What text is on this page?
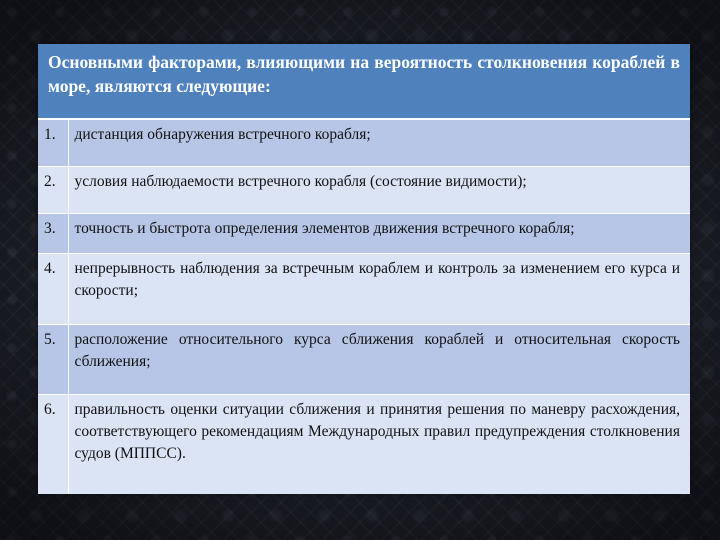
Основными факторами, влияющими на вероятность столкновения кораблей в море, являются следующие:	
1.	дистанция обнаружения встречного корабля;
2.	условия наблюдаемости встречного корабля (состояние видимости);
3.	точность и быстрота определения элементов движения встречного корабля;
4.	непрерывность наблюдения за встречным кораблем и контроль за изменением его курса и скорости;
5.	расположение относительного курса сближения кораблей и относительная скорость сближения;
6.	правильность оценки ситуации сближения и принятия решения по маневру расхождения, соответствующего рекомендациям Международных правил предупреждения столкновения судов (МППСС).
